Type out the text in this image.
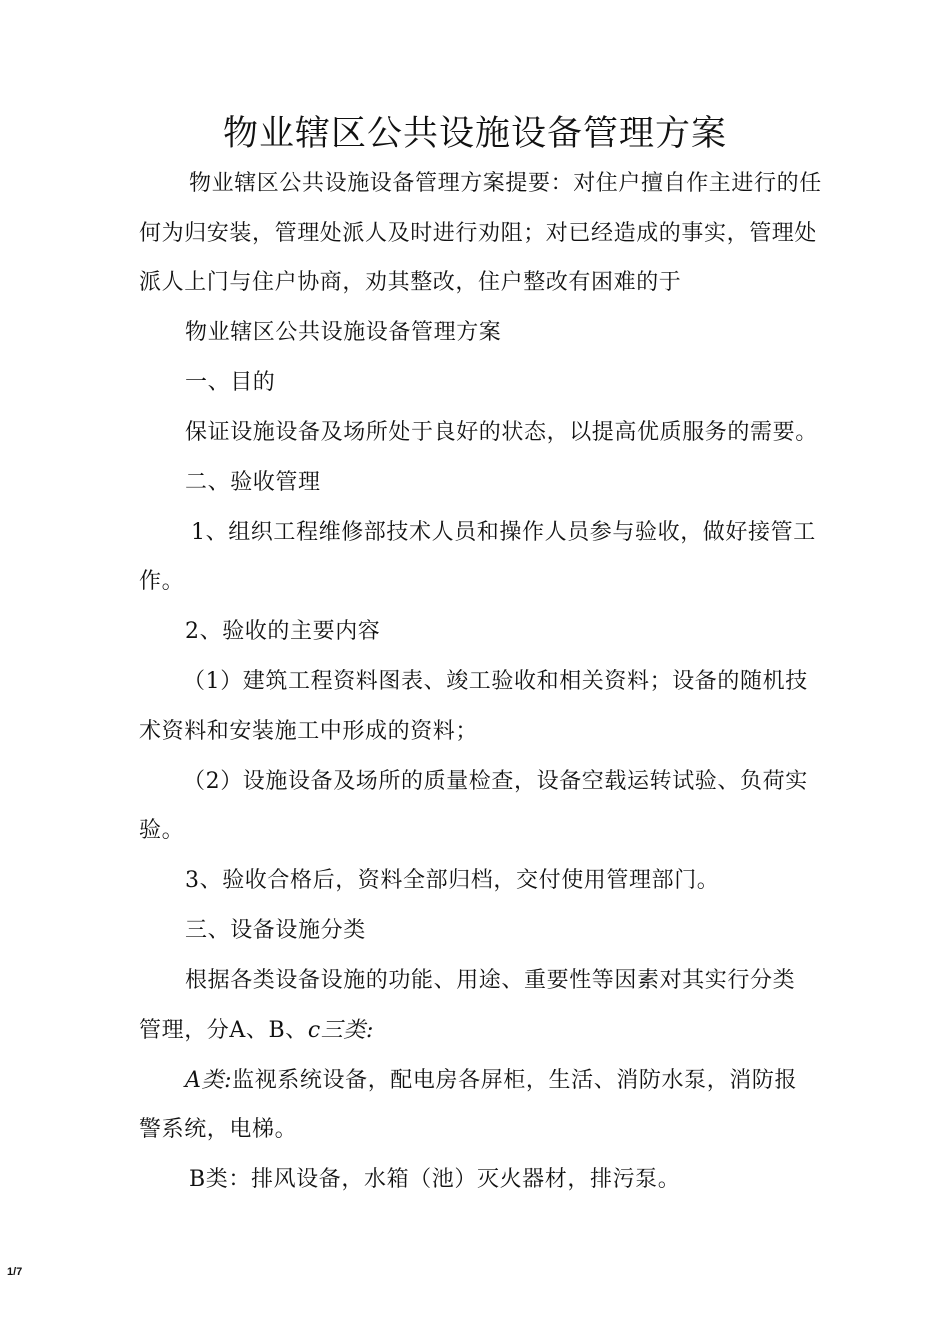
物业辖区公共设施设备管理方案
物业辖区公共设施设备管理方案提要：对住户擅自作主进行的任
何为归安装，管理处派人及时进行劝阻；对已经造成的事实，管理处
派人上门与住户协商，劝其整改，住户整改有困难的于
物业辖区公共设施设备管理方案
一、目的
保证设施设备及场所处于良好的状态，以提高优质服务的需要。
二、验收管理
1、组织工程维修部技术人员和操作人员参与验收，做好接管工
作。
2、验收的主要内容
（1）建筑工程资料图表、竣工验收和相关资料；设备的随机技
术资料和安装施工中形成的资料；
（2）设施设备及场所的质量检查，设备空载运转试验、负荷实
验。
3、验收合格后，资料全部归档，交付使用管理部门。
三、设备设施分类
根据各类设备设施的功能、用途、重要性等因素对其实行分类
管理，分A、B、c三类:
A类:监视系统设备，配电房各屏柜，生活、消防水泵，消防报
警系统，电梯。
B类：排风设备，水箱（池）灭火器材，排污泵。
1/7
